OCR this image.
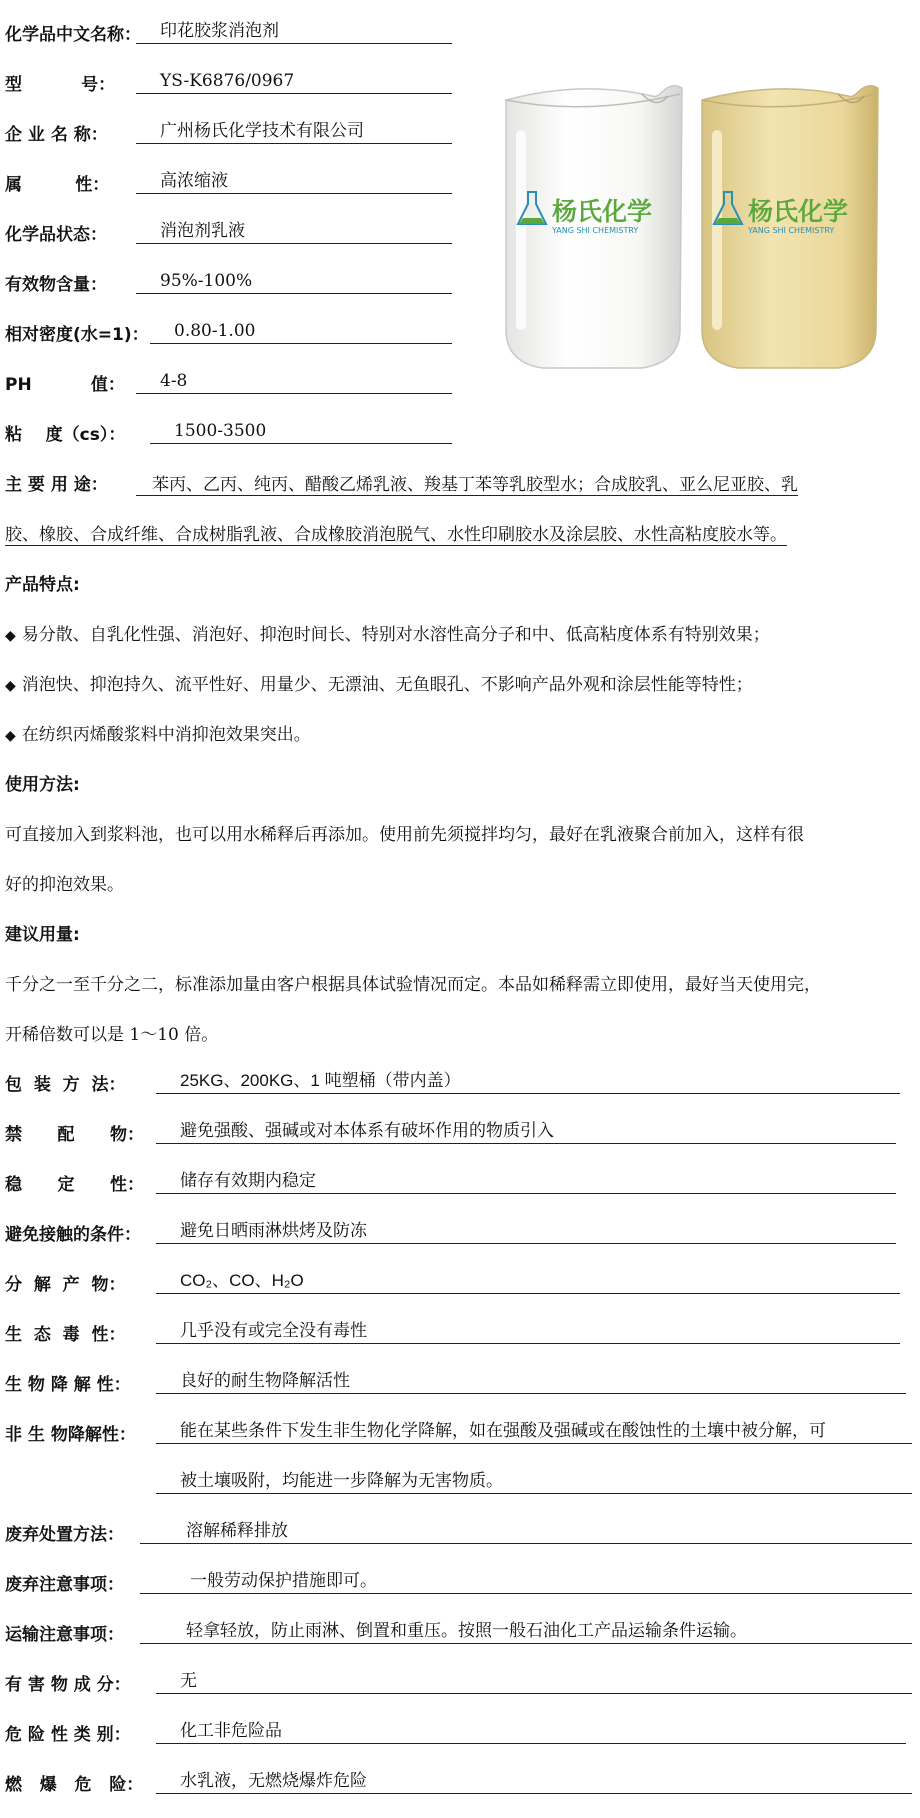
化学品中文名称：	印花胶浆消泡剂
型          号：	YS-K6876/0967
企 业 名 称：	广州杨氏化学技术有限公司
属         性：	高浓缩液
化学品状态：	消泡剂乳液
有效物含量：	95%-100%
相对密度(水=1)：	0.80-1.00
PH          值：	4-8
粘    度（cs）：	1500-3500
杨氏化学
YANG SHI CHEMISTRY
杨氏化学
YANG SHI CHEMISTRY
主 要 用 途：	苯丙、乙丙、纯丙、醋酸乙烯乳液、羧基丁苯等乳胶型水；合成胶乳、亚么尼亚胶、乳
胶、橡胶、合成纤维、合成树脂乳液、合成橡胶消泡脱气、水性印刷胶水及涂层胶、水性高粘度胶水等。
产品特点:
◆ 易分散、自乳化性强、消泡好、抑泡时间长、特别对水溶性高分子和中、低高粘度体系有特别效果；
◆ 消泡快、抑泡持久、流平性好、用量少、无漂油、无鱼眼孔、不影响产品外观和涂层性能等特性；
◆ 在纺织丙烯酸浆料中消抑泡效果突出。
使用方法:
可直接加入到浆料池，也可以用水稀释后再添加。使用前先须搅拌均匀，最好在乳液聚合前加入，这样有很
好的抑泡效果。
建议用量:
千分之一至千分之二，标准添加量由客户根据具体试验情况而定。本品如稀释需立即使用，最好当天使用完，
开稀倍数可以是 1～10 倍。
包  装  方  法：	25KG、200KG、1 吨塑桶（带内盖）
禁      配      物：	避免强酸、强碱或对本体系有破坏作用的物质引入
稳      定      性：	储存有效期内稳定
避免接触的条件：	避免日晒雨淋烘烤及防冻
分  解  产  物：	CO₂、CO、H₂O
生  态  毒  性：	几乎没有或完全没有毒性
生 物 降 解 性：	良好的耐生物降解活性
非 生 物降解性：	能在某些条件下发生非生物化学降解，如在强酸及强碱或在酸蚀性的土壤中被分解，可
被土壤吸附，均能进一步降解为无害物质。
废弃处置方法：	溶解稀释排放
废弃注意事项：	一般劳动保护措施即可。
运输注意事项：	轻拿轻放，防止雨淋、倒置和重压。按照一般石油化工产品运输条件运输。
有 害 物 成 分：	无
危 险 性 类 别：	化工非危险品
燃   爆   危   险：	水乳液，无燃烧爆炸危险
